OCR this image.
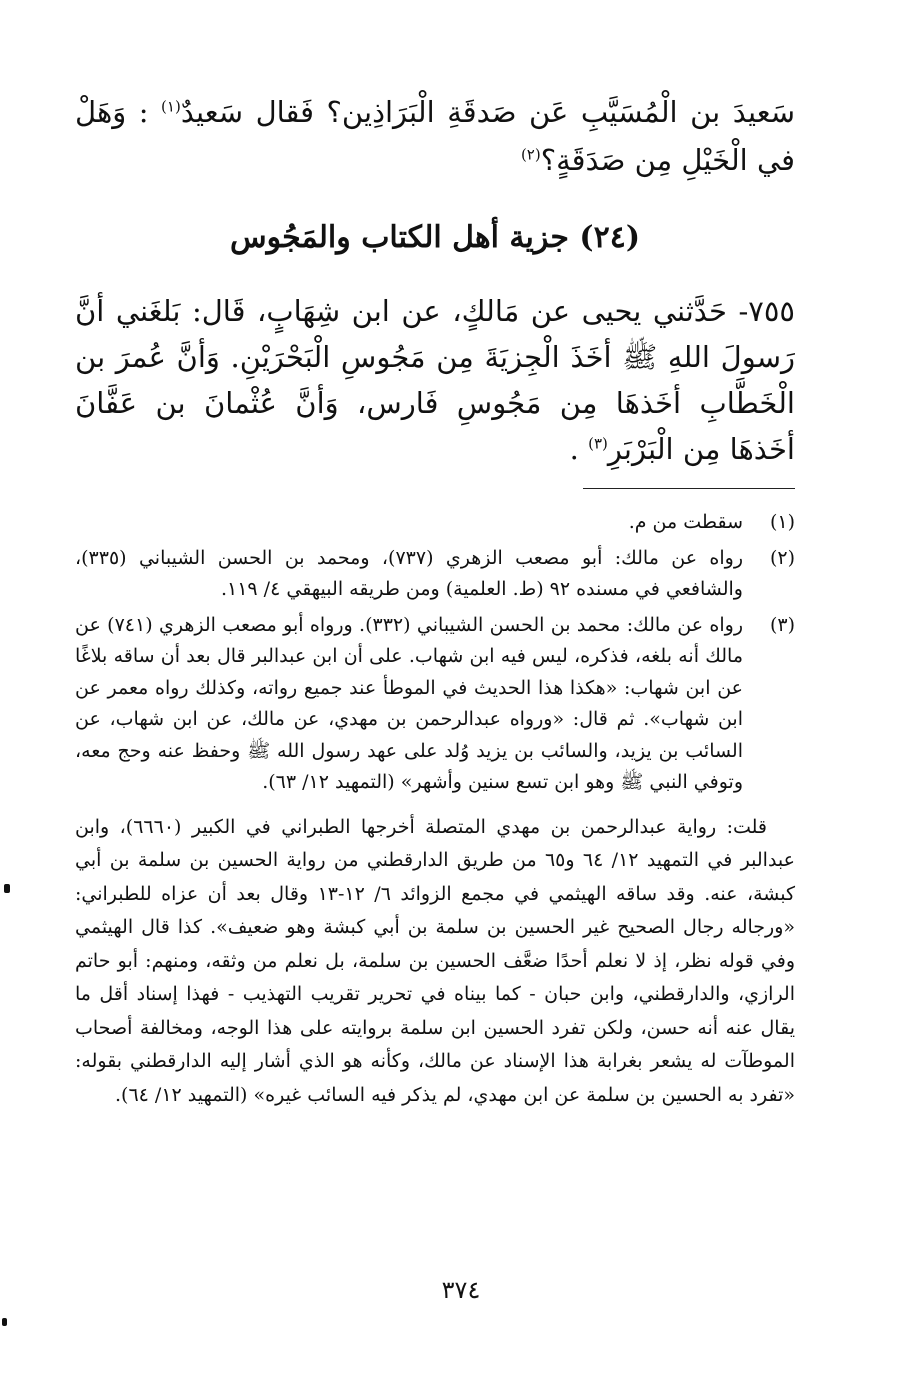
سَعيدَ بن الْمُسَيَّبِ عَن صَدقَةِ الْبَرَاذِين؟ فَقال سَعيدٌ$^{(١)}$ : وَهَلْ في الْخَيْلِ مِن صَدَقَةٍ؟$^{(٢)}$

(٢٤) جزية أهل الكتاب والمَجُوس

٧٥٥- حَدَّثني يحيى عن مَالكٍ، عن ابن شِهَابٍ، قَال: بَلغَني أنَّ رَسولَ اللهِ ﷺ أخَذَ الْجِزيَةَ مِن مَجُوسِ الْبَحْرَيْنِ. وَأنَّ عُمرَ بن الْخَطَّابِ أخَذهَا مِن مَجُوسِ فَارس، وَأنَّ عُثْمانَ بن عَفَّانَ أخَذهَا مِن الْبَرْبَرِ$^{(٣)}$ .

(١)
سقطت من م.
(٢)
رواه عن مالك: أبو مصعب الزهري (٧٣٧)، ومحمد بن الحسن الشيباني (٣٣٥)، والشافعي في مسنده ٩٢ (ط. العلمية) ومن طريقه البيهقي ٤/ ١١٩.
(٣)
رواه عن مالك: محمد بن الحسن الشيباني (٣٣٢). ورواه أبو مصعب الزهري (٧٤١) عن مالك أنه بلغه، فذكره، ليس فيه ابن شهاب. على أن ابن عبدالبر قال بعد أن ساقه بلاغًا عن ابن شهاب: «هكذا هذا الحديث في الموطأ عند جميع رواته، وكذلك رواه معمر عن ابن شهاب». ثم قال: «ورواه عبدالرحمن بن مهدي، عن مالك، عن ابن شهاب، عن السائب بن يزيد، والسائب بن يزيد وُلد على عهد رسول الله ﷺ وحفظ عنه وحج معه، وتوفي النبي ﷺ وهو ابن تسع سنين وأشهر» (التمهيد ١٢/ ٦٣).

قلت: رواية عبدالرحمن بن مهدي المتصلة أخرجها الطبراني في الكبير (٦٦٦٠)، وابن عبدالبر في التمهيد ١٢/ ٦٤ و٦٥ من طريق الدارقطني من رواية الحسين بن سلمة بن أبي كبشة، عنه. وقد ساقه الهيثمي في مجمع الزوائد ٦/ ١٢-١٣ وقال بعد أن عزاه للطبراني: «ورجاله رجال الصحيح غير الحسين بن سلمة بن أبي كبشة وهو ضعيف». كذا قال الهيثمي وفي قوله نظر، إذ لا نعلم أحدًا ضعَّف الحسين بن سلمة، بل نعلم من وثقه، ومنهم: أبو حاتم الرازي، والدارقطني، وابن حبان - كما بيناه في تحرير تقريب التهذيب - فهذا إسناد أقل ما يقال عنه أنه حسن، ولكن تفرد الحسين ابن سلمة بروايته على هذا الوجه، ومخالفة أصحاب الموطآت له يشعر بغرابة هذا الإسناد عن مالك، وكأنه هو الذي أشار إليه الدارقطني بقوله: «تفرد به الحسين بن سلمة عن ابن مهدي، لم يذكر فيه السائب غيره» (التمهيد ١٢/ ٦٤).

٣٧٤
